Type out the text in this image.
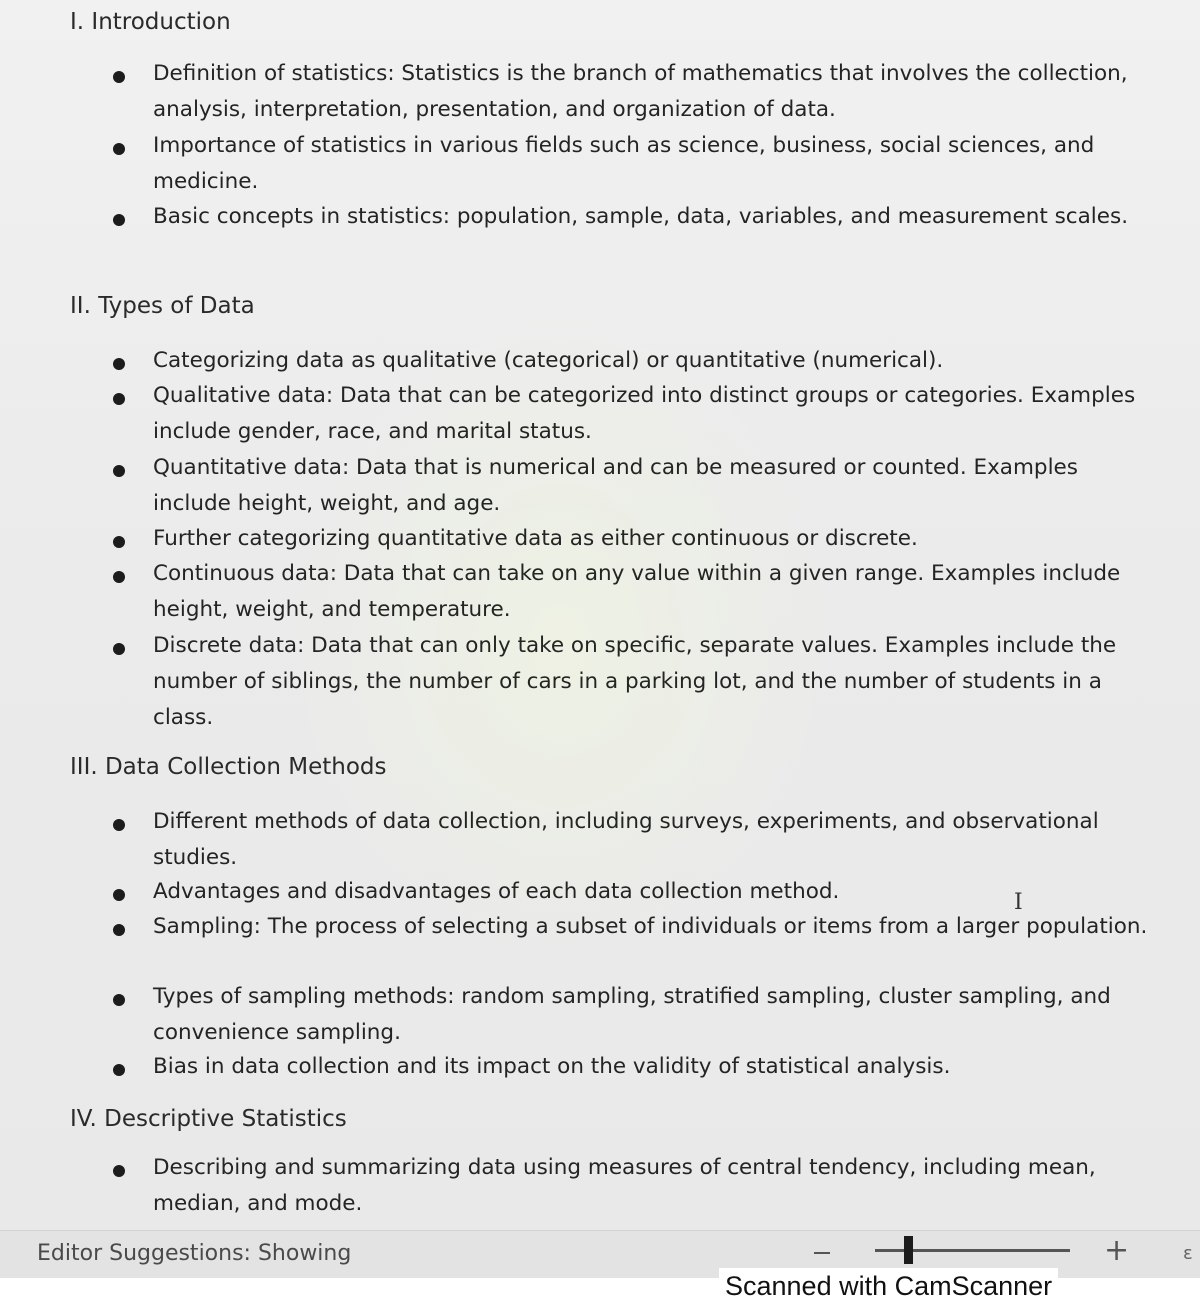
I. Introduction

Definition of statistics: Statistics is the branch of mathematics that involves the collection, analysis, interpretation, presentation, and organization of data.

Importance of statistics in various fields such as science, business, social sciences, and medicine.

Basic concepts in statistics: population, sample, data, variables, and measurement scales.

II. Types of Data

Categorizing data as qualitative (categorical) or quantitative (numerical).

Qualitative data: Data that can be categorized into distinct groups or categories. Examples include gender, race, and marital status.

Quantitative data: Data that is numerical and can be measured or counted. Examples include height, weight, and age.

Further categorizing quantitative data as either continuous or discrete.

Continuous data: Data that can take on any value within a given range. Examples include height, weight, and temperature.

Discrete data: Data that can only take on specific, separate values. Examples include the number of siblings, the number of cars in a parking lot, and the number of students in a class.

III. Data Collection Methods

Different methods of data collection, including surveys, experiments, and observational studies.

Advantages and disadvantages of each data collection method.

Sampling: The process of selecting a subset of individuals or items from a larger population.

Types of sampling methods: random sampling, stratified sampling, cluster sampling, and convenience sampling.

Bias in data collection and its impact on the validity of statistical analysis.

IV. Descriptive Statistics

Describing and summarizing data using measures of central tendency, including mean, median, and mode.

I
Editor Suggestions: Showing	+	ε
Scanned with CamScanner
